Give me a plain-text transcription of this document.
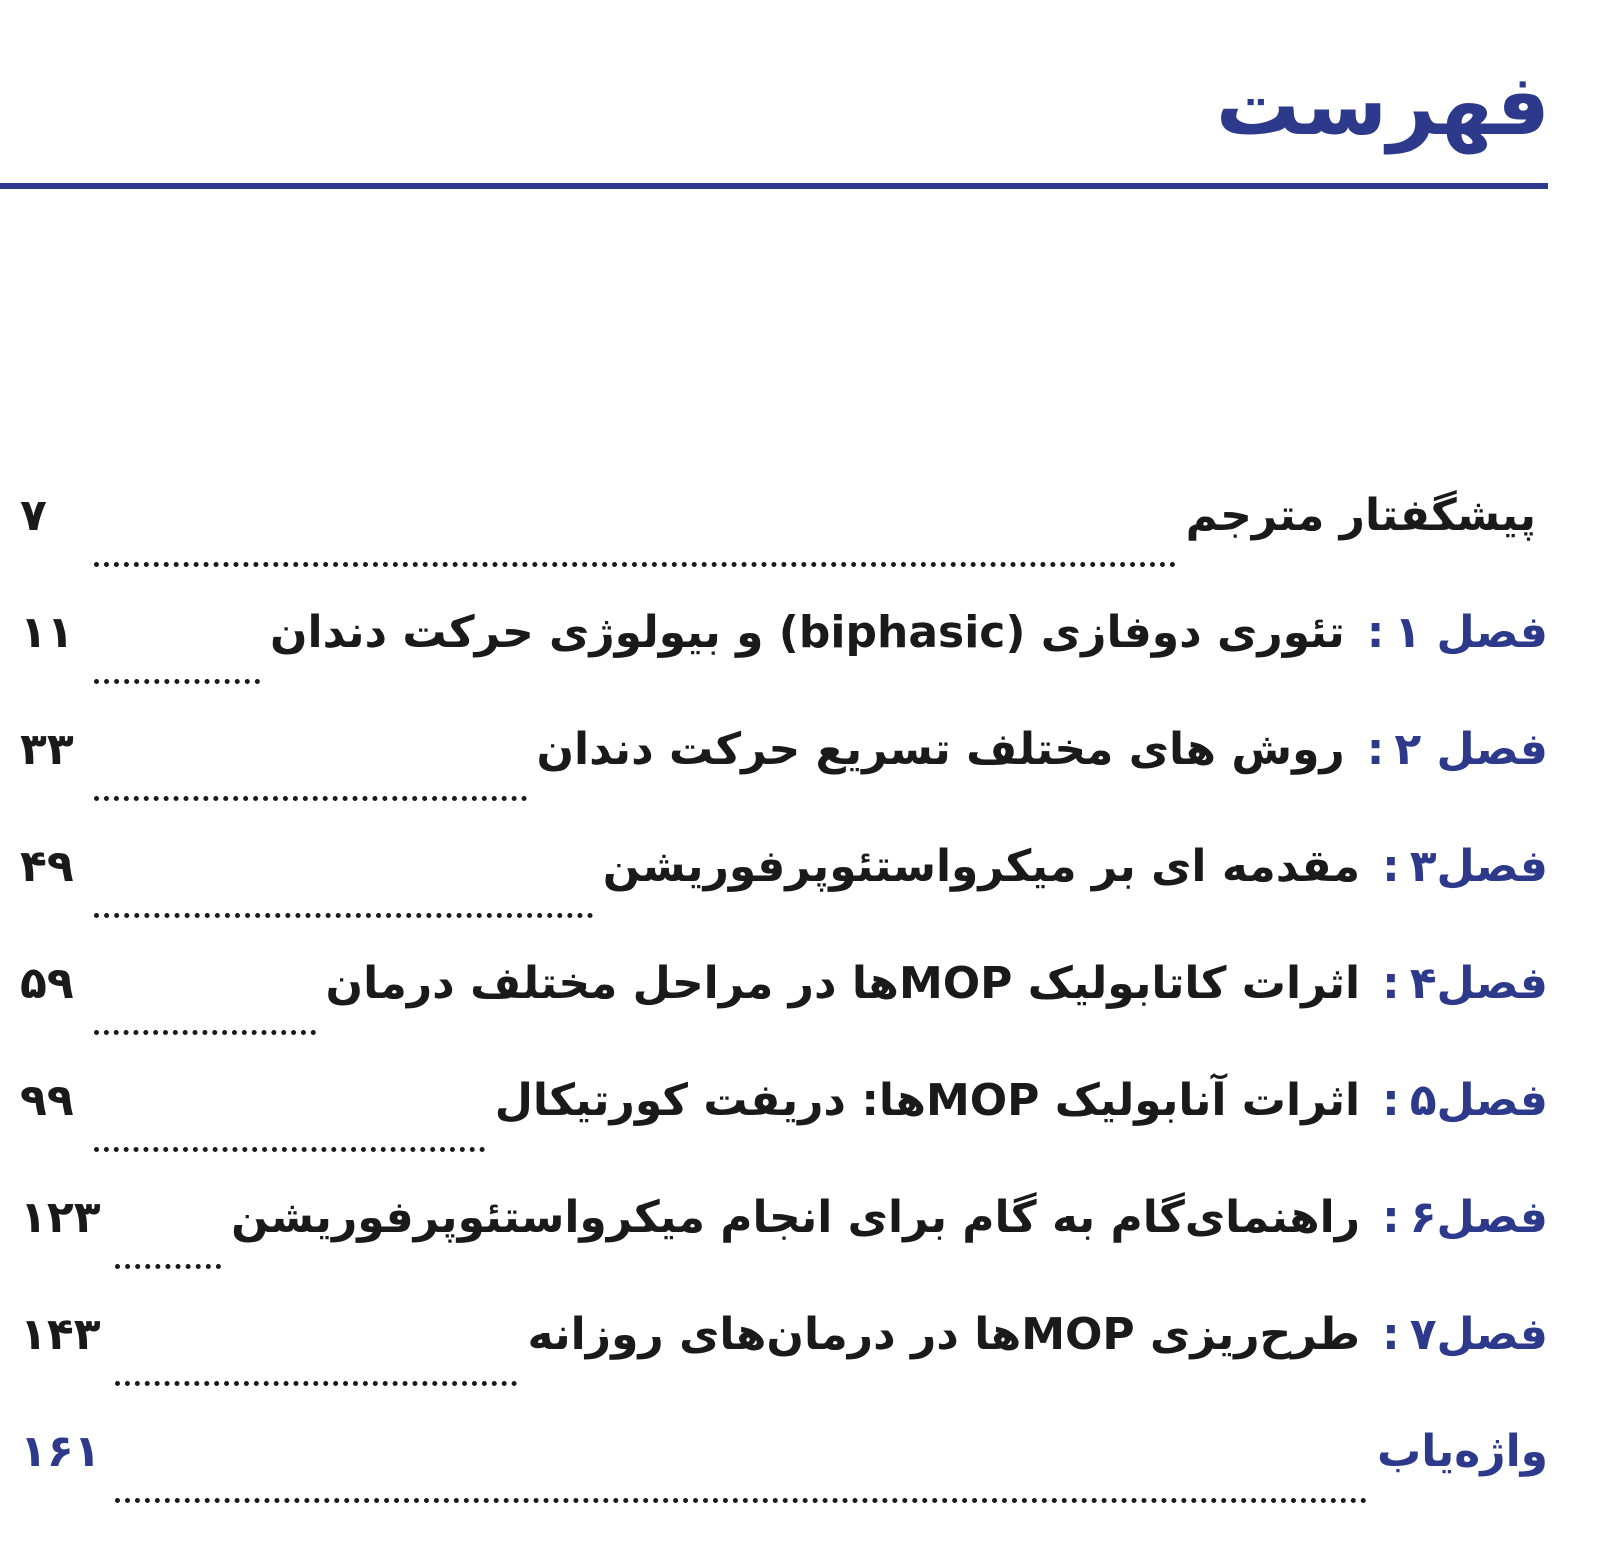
فهرست
پیشگفتار مترجم
۷
فصل ۱
:
تئوری دوفازی (biphasic) و بیولوژی حرکت دندان
۱۱
فصل ۲
:
روش های مختلف تسریع حرکت دندان
۳۳
فصل۳
:
مقدمه ای بر میکرواستئوپرفوریشن
۴۹
فصل۴
:
اثرات کاتابولیک MOPها در مراحل مختلف درمان
۵۹
فصل۵
:
اثرات آنابولیک MOPها: دریفت کورتیکال
۹۹
فصل۶
:
راهنمای‌گام به گام برای انجام میکرواستئوپرفوریشن
۱۲۳
فصل۷
:
طرح‌ریزی MOPها در درمان‌های روزانه
۱۴۳
واژه‌یاب
۱۶۱
